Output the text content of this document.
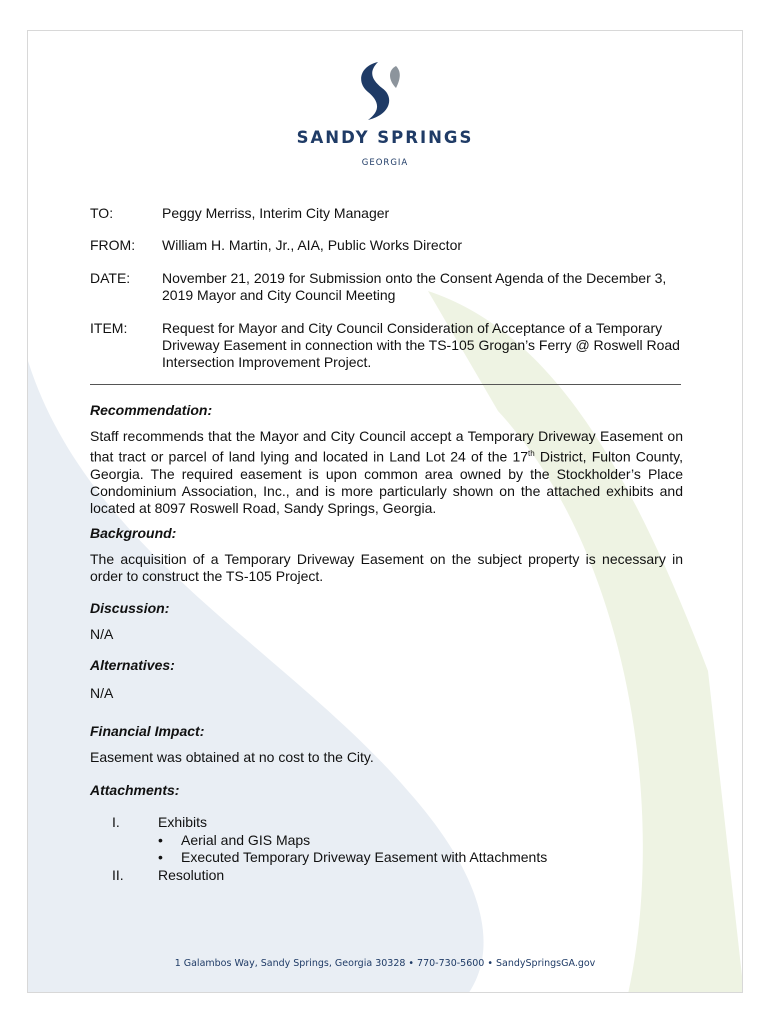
SANDY SPRINGS
GEORGIA
TO:	Peggy Merriss, Interim City Manager
FROM: William H. Martin, Jr., AIA, Public Works Director
DATE: November 21, 2019 for Submission onto the Consent Agenda of the December 3,
2019 Mayor and City Council Meeting
ITEM: Request for Mayor and City Council Consideration of Acceptance of a Temporary
Driveway Easement in connection with the TS-105 Grogan’s Ferry @ Roswell Road
Intersection Improvement Project.
Recommendation:
Staff recommends that the Mayor and City Council accept a Temporary Driveway Easement on that tract or parcel of land lying and located in Land Lot 24 of the 17th District, Fulton County, Georgia. The required easement is upon common area owned by the Stockholder’s Place Condominium Association, Inc., and is more particularly shown on the attached exhibits and located at 8097 Roswell Road, Sandy Springs, Georgia.
Background:
The acquisition of a Temporary Driveway Easement on the subject property is necessary in order to construct the TS-105 Project.
Discussion:
N/A
Alternatives:
N/A
Financial Impact:
Easement was obtained at no cost to the City.
Attachments:
I.	Exhibits
• Aerial and GIS Maps
• Executed Temporary Driveway Easement with Attachments
II. Resolution
1 Galambos Way, Sandy Springs, Georgia 30328 • 770-730-5600 • SandySpringsGA.gov
